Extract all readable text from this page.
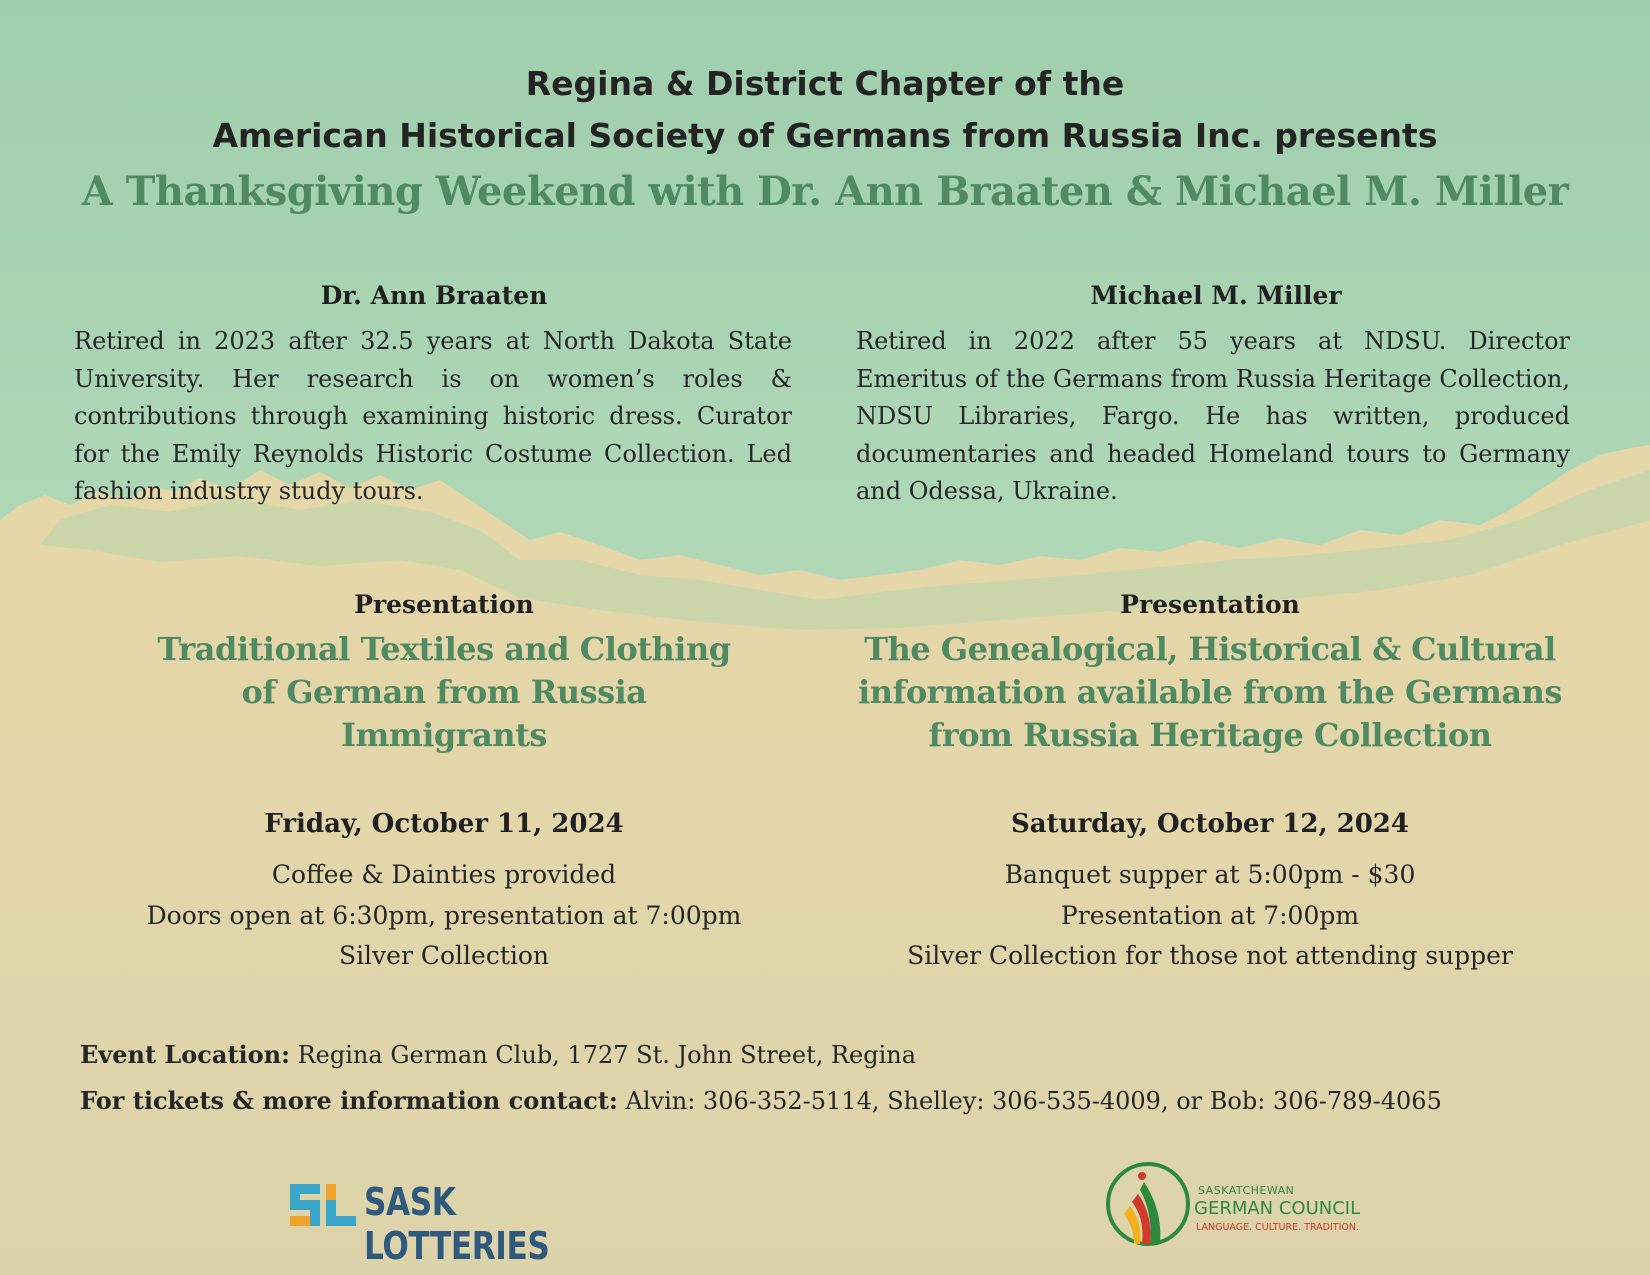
Regina & District Chapter of the
American Historical Society of Germans from Russia Inc. presents
A Thanksgiving Weekend with Dr. Ann Braaten & Michael M. Miller
Dr. Ann Braaten
Retired in 2023 after 32.5 years at North Dakota State University. Her research is on women’s roles & contributions through examining historic dress. Curator for the Emily Reynolds Historic Costume Collection. Led fashion industry study tours.
Michael M. Miller
Retired in 2022 after 55 years at NDSU. Director Emeritus of the Germans from Russia Heritage Collection, NDSU Libraries, Fargo. He has written, produced documentaries and headed Homeland tours to Germany and Odessa, Ukraine.
Presentation
Traditional Textiles and Clothing
of German from Russia
Immigrants
Friday, October 11, 2024
Coffee & Dainties provided
Doors open at 6:30pm, presentation at 7:00pm
Silver Collection
Presentation
The Genealogical, Historical & Cultural
information available from the Germans
from Russia Heritage Collection
Saturday, October 12, 2024
Banquet supper at 5:00pm - $30
Presentation at 7:00pm
Silver Collection for those not attending supper
Event Location: Regina German Club, 1727 St. John Street, Regina
For tickets & more information contact: Alvin: 306-352-5114, Shelley: 306-535-4009, or Bob: 306-789-4065
SASK LOTTERIES
SASKATCHEWAN
GERMAN COUNCIL
LANGUAGE. CULTURE. TRADITION.
